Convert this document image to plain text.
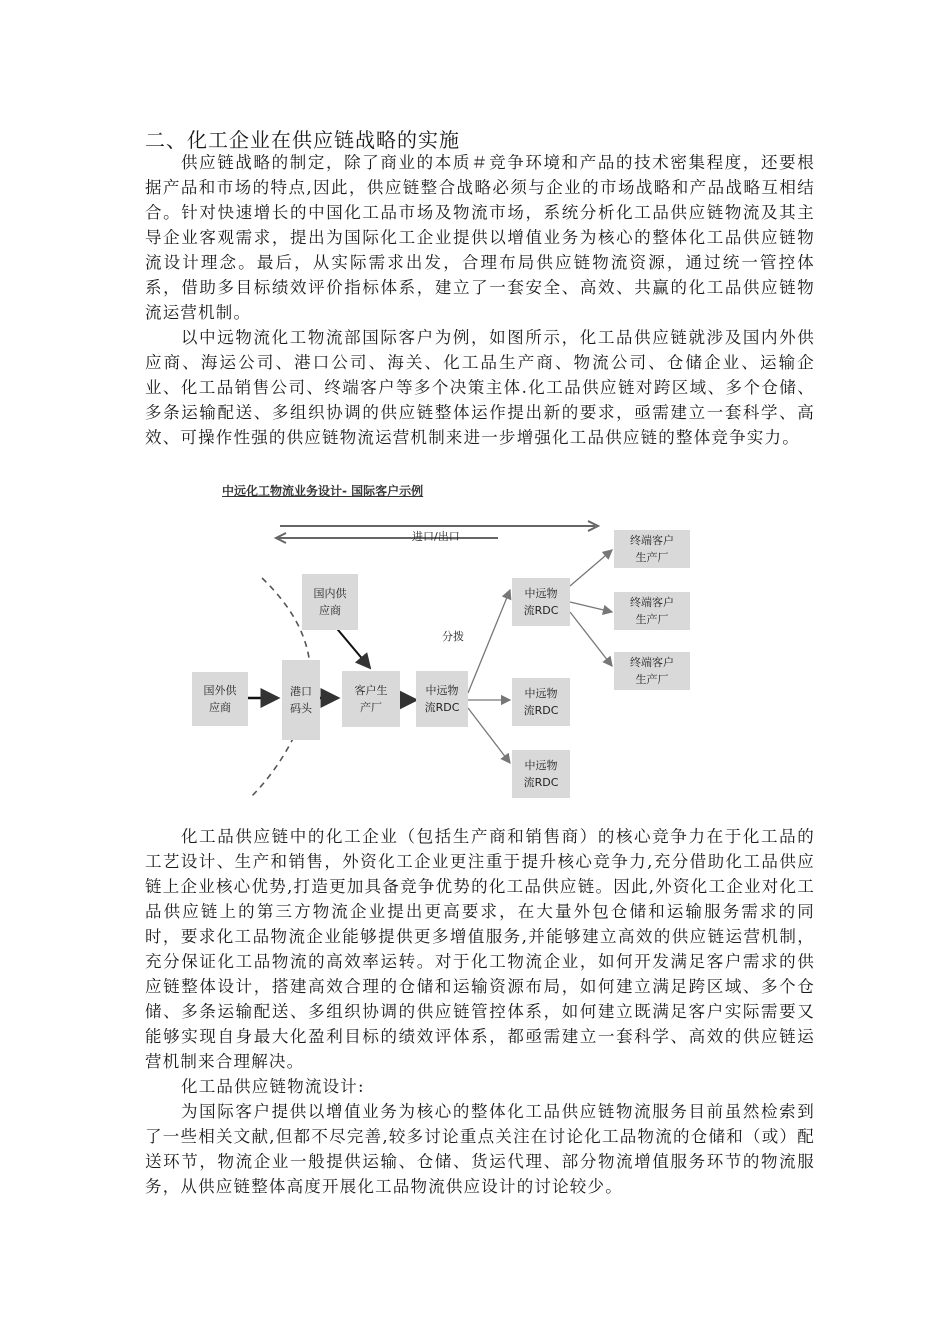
二、化工企业在供应链战略的实施
供应链战略的制定，除了商业的本质＃竞争环境和产品的技术密集程度，还要根据产品和市场的特点,因此，供应链整合战略必须与企业的市场战略和产品战略互相结合。针对快速增长的中国化工品市场及物流市场，系统分析化工品供应链物流及其主导企业客观需求，提出为国际化工企业提供以增值业务为核心的整体化工品供应链物流设计理念。最后，从实际需求出发，合理布局供应链物流资源，通过统一管控体系，借助多目标绩效评价指标体系，建立了一套安全、高效、共赢的化工品供应链物流运营机制。
以中远物流化工物流部国际客户为例，如图所示，化工品供应链就涉及国内外供应商、海运公司、港口公司、海关、化工品生产商、物流公司、仓储企业、运输企业、化工品销售公司、终端客户等多个决策主体.化工品供应链对跨区域、多个仓储、多条运输配送、多组织协调的供应链整体运作提出新的要求，亟需建立一套科学、高效、可操作性强的供应链物流运营机制来进一步增强化工品供应链的整体竞争实力。
中远化工物流业务设计- 国际客户示例
进口/出口
分拨
国外供
应商
港口
码头
国内供
应商
客户生
产厂
中远物
流RDC
中远物
流RDC
中远物
流RDC
中远物
流RDC
终端客户
生产厂
终端客户
生产厂
终端客户
生产厂
化工品供应链中的化工企业（包括生产商和销售商）的核心竞争力在于化工品的工艺设计、生产和销售，外资化工企业更注重于提升核心竞争力,充分借助化工品供应链上企业核心优势,打造更加具备竞争优势的化工品供应链。因此,外资化工企业对化工品供应链上的第三方物流企业提出更高要求，在大量外包仓储和运输服务需求的同时，要求化工品物流企业能够提供更多增值服务,并能够建立高效的供应链运营机制，充分保证化工品物流的高效率运转。对于化工物流企业，如何开发满足客户需求的供应链整体设计，搭建高效合理的仓储和运输资源布局，如何建立满足跨区域、多个仓储、多条运输配送、多组织协调的供应链管控体系，如何建立既满足客户实际需要又能够实现自身最大化盈利目标的绩效评体系，都亟需建立一套科学、高效的供应链运营机制来合理解决。
化工品供应链物流设计:
为国际客户提供以增值业务为核心的整体化工品供应链物流服务目前虽然检索到了一些相关文献,但都不尽完善,较多讨论重点关注在讨论化工品物流的仓储和（或）配送环节，物流企业一般提供运输、仓储、货运代理、部分物流增值服务环节的物流服务，从供应链整体高度开展化工品物流供应设计的讨论较少。
